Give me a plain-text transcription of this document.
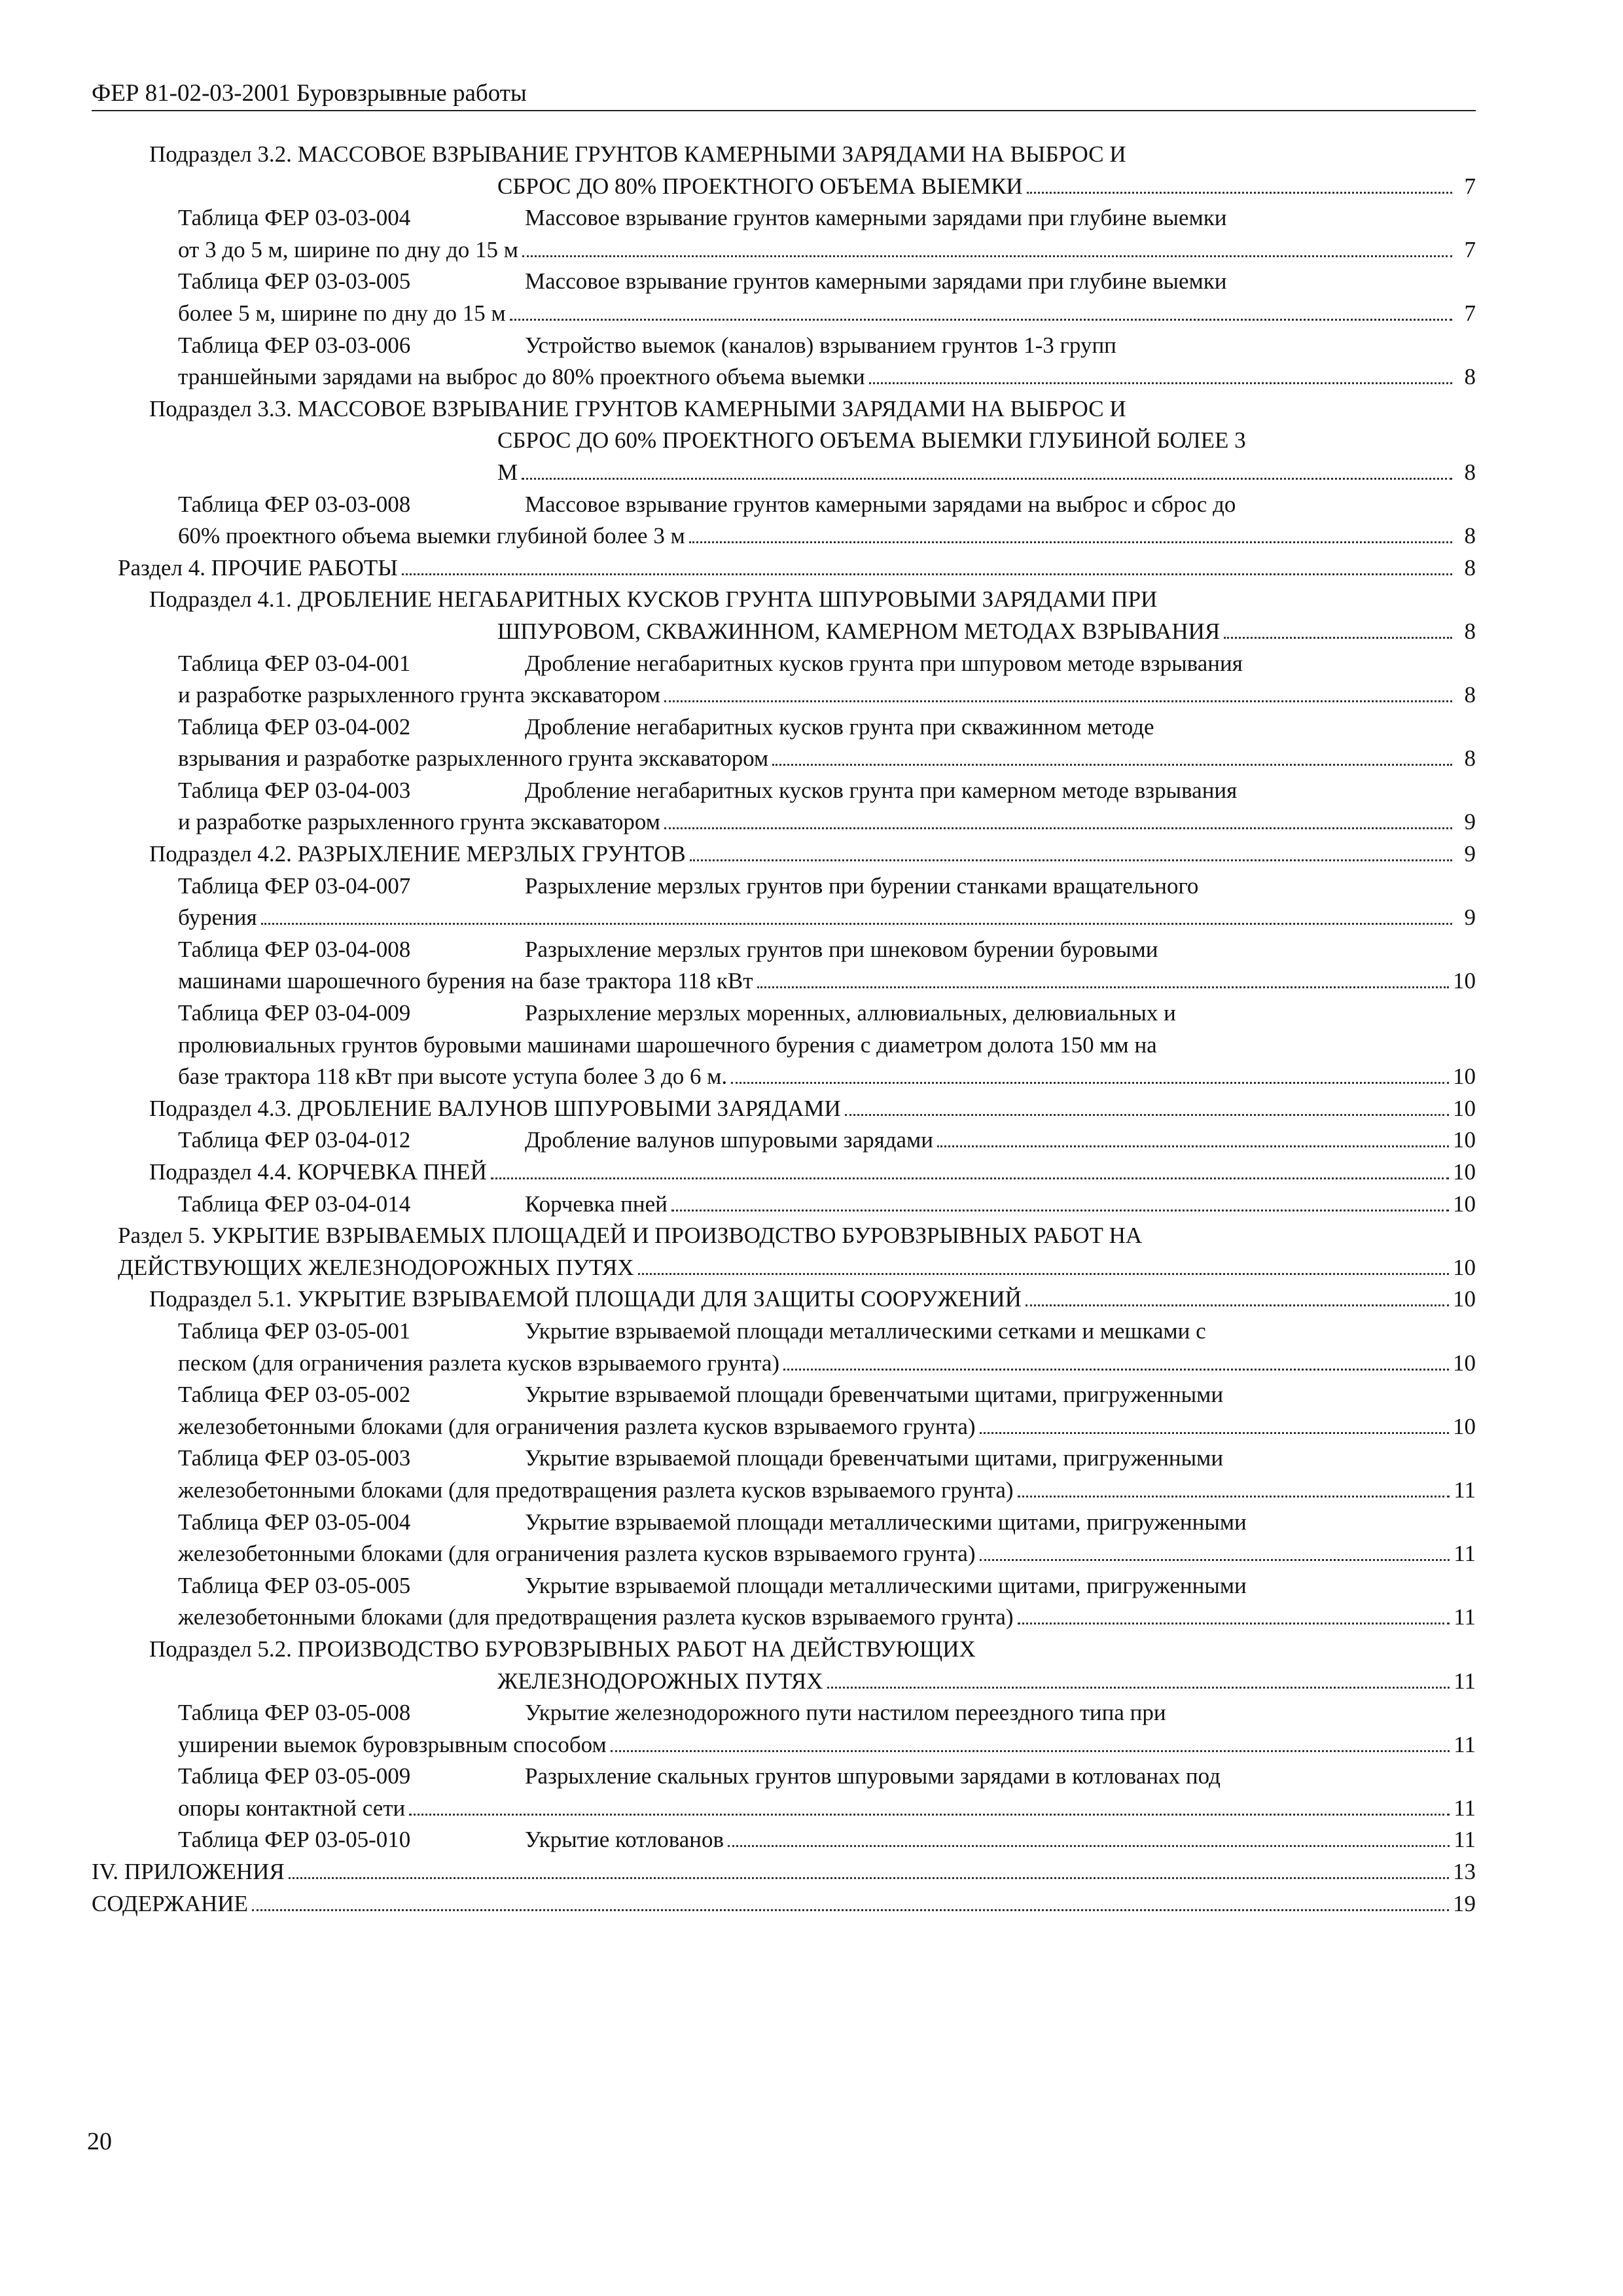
ФЕР 81-02-03-2001 Буровзрывные работы
Подраздел 3.2. МАССОВОЕ ВЗРЫВАНИЕ ГРУНТОВ КАМЕРНЫМИ ЗАРЯДАМИ НА ВЫБРОС И
СБРОС ДО 80% ПРОЕКТНОГО ОБЪЕМА ВЫЕМКИ	7
Таблица ФЕР 03-03-004	Массовое взрывание грунтов камерными зарядами при глубине выемки
от 3 до 5 м, ширине по дну до 15 м	7
Таблица ФЕР 03-03-005	Массовое взрывание грунтов камерными зарядами при глубине выемки
более 5 м, ширине по дну до 15 м	7
Таблица ФЕР 03-03-006	Устройство выемок (каналов) взрыванием грунтов 1-3 групп
траншейными зарядами на выброс до 80% проектного объема выемки	8
Подраздел 3.3. МАССОВОЕ ВЗРЫВАНИЕ ГРУНТОВ КАМЕРНЫМИ ЗАРЯДАМИ НА ВЫБРОС И
СБРОС ДО 60% ПРОЕКТНОГО ОБЪЕМА ВЫЕМКИ ГЛУБИНОЙ БОЛЕЕ 3
М	8
Таблица ФЕР 03-03-008	Массовое взрывание грунтов камерными зарядами на выброс и сброс до
60% проектного объема выемки глубиной более 3 м	8
Раздел 4. ПРОЧИЕ РАБОТЫ	8
Подраздел 4.1. ДРОБЛЕНИЕ НЕГАБАРИТНЫХ КУСКОВ ГРУНТА ШПУРОВЫМИ ЗАРЯДАМИ ПРИ
ШПУРОВОМ, СКВАЖИННОМ, КАМЕРНОМ МЕТОДАХ ВЗРЫВАНИЯ	8
Таблица ФЕР 03-04-001	Дробление негабаритных кусков грунта при шпуровом методе взрывания
и разработке разрыхленного грунта экскаватором	8
Таблица ФЕР 03-04-002	Дробление негабаритных кусков грунта при скважинном методе
взрывания и разработке разрыхленного грунта экскаватором	8
Таблица ФЕР 03-04-003	Дробление негабаритных кусков грунта при камерном методе взрывания
и разработке разрыхленного грунта экскаватором	9
Подраздел 4.2. РАЗРЫХЛЕНИЕ МЕРЗЛЫХ ГРУНТОВ	9
Таблица ФЕР 03-04-007	Разрыхление мерзлых грунтов при бурении станками вращательного
бурения	9
Таблица ФЕР 03-04-008	Разрыхление мерзлых грунтов при шнековом бурении буровыми
машинами шарошечного бурения на базе трактора 118 кВт	10
Таблица ФЕР 03-04-009	Разрыхление мерзлых моренных, аллювиальных, делювиальных и
пролювиальных грунтов буровыми машинами шарошечного бурения с диаметром долота 150 мм на
базе трактора 118 кВт при высоте уступа более 3 до 6 м.	10
Подраздел 4.3. ДРОБЛЕНИЕ ВАЛУНОВ ШПУРОВЫМИ ЗАРЯДАМИ	10
Таблица ФЕР 03-04-012	Дробление валунов шпуровыми зарядами	10
Подраздел 4.4. КОРЧЕВКА ПНЕЙ	10
Таблица ФЕР 03-04-014	Корчевка пней	10
Раздел 5. УКРЫТИЕ ВЗРЫВАЕМЫХ ПЛОЩАДЕЙ И ПРОИЗВОДСТВО БУРОВЗРЫВНЫХ РАБОТ НА
ДЕЙСТВУЮЩИХ ЖЕЛЕЗНОДОРОЖНЫХ ПУТЯХ	10
Подраздел 5.1. УКРЫТИЕ ВЗРЫВАЕМОЙ ПЛОЩАДИ ДЛЯ ЗАЩИТЫ СООРУЖЕНИЙ	10
Таблица ФЕР 03-05-001	Укрытие взрываемой площади металлическими сетками и мешками с
песком (для ограничения разлета кусков взрываемого грунта)	10
Таблица ФЕР 03-05-002	Укрытие взрываемой площади бревенчатыми щитами, пригруженными
железобетонными блоками (для ограничения разлета кусков взрываемого грунта)	10
Таблица ФЕР 03-05-003	Укрытие взрываемой площади бревенчатыми щитами, пригруженными
железобетонными блоками (для предотвращения разлета кусков взрываемого грунта)	11
Таблица ФЕР 03-05-004	Укрытие взрываемой площади металлическими щитами, пригруженными
железобетонными блоками (для ограничения разлета кусков взрываемого грунта)	11
Таблица ФЕР 03-05-005	Укрытие взрываемой площади металлическими щитами, пригруженными
железобетонными блоками (для предотвращения разлета кусков взрываемого грунта)	11
Подраздел 5.2. ПРОИЗВОДСТВО БУРОВЗРЫВНЫХ РАБОТ НА ДЕЙСТВУЮЩИХ
ЖЕЛЕЗНОДОРОЖНЫХ ПУТЯХ	11
Таблица ФЕР 03-05-008	Укрытие железнодорожного пути настилом переездного типа при
уширении выемок буровзрывным способом	11
Таблица ФЕР 03-05-009	Разрыхление скальных грунтов шпуровыми зарядами в котлованах под
опоры контактной сети	11
Таблица ФЕР 03-05-010	Укрытие котлованов	11
IV. ПРИЛОЖЕНИЯ	13
СОДЕРЖАНИЕ	19
20
